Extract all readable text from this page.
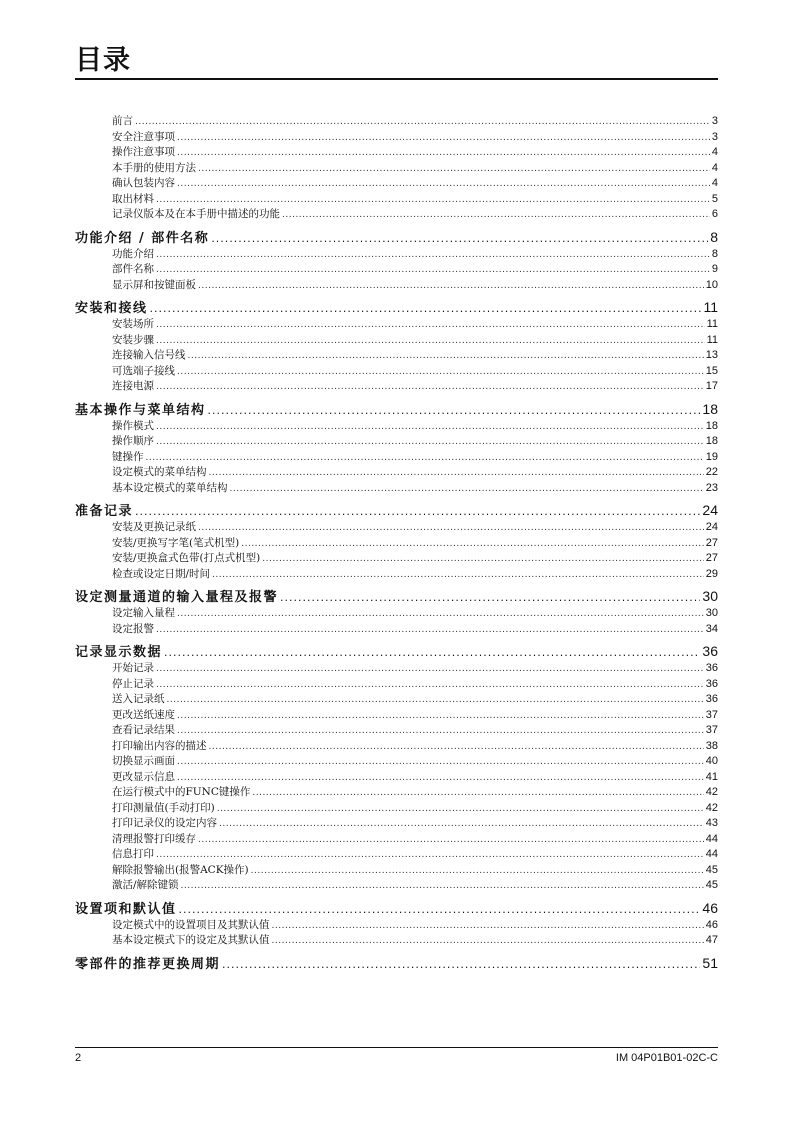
目录
前言 .....	3
安全注意事项 .....	3
操作注意事项 .....	4
本手册的使用方法 .....	4
确认包装内容 .....	4
取出材料 .....	5
记录仪版本及在本手册中描述的功能 .....	6
功能介绍 / 部件名称 .....	8
功能介绍 .....	8
部件名称 .....	9
显示屏和按键面板 .....	10
安装和接线 .....	11
安装场所 .....	11
安装步骤 .....	11
连接输入信号线 .....	13
可选端子接线 .....	15
连接电源 .....	17
基本操作与菜单结构 .....	18
操作模式 .....	18
操作顺序 .....	18
键操作 .....	19
设定模式的菜单结构 .....	22
基本设定模式的菜单结构 .....	23
准备记录 .....	24
安装及更换记录纸 .....	24
安装/更换写字笔(笔式机型) .....	27
安装/更换盒式色带(打点式机型) .....	27
检查或设定日期/时间 .....	29
设定测量通道的输入量程及报警 .....	30
设定输入量程 .....	30
设定报警 .....	34
记录显示数据 .....	36
开始记录 .....	36
停止记录 .....	36
送入记录纸 .....	36
更改送纸速度 .....	37
查看记录结果 .....	37
打印输出内容的描述 .....	38
切换显示画面 .....	40
更改显示信息 .....	41
在运行模式中的FUNC键操作 .....	42
打印测量值(手动打印) .....	42
打印记录仪的设定内容 .....	43
清理报警打印缓存 .....	44
信息打印 .....	44
解除报警输出(报警ACK操作) .....	45
激活/解除键锁 .....	45
设置项和默认值 .....	46
设定模式中的设置项目及其默认值 .....	46
基本设定模式下的设定及其默认值 .....	47
零部件的推荐更换周期 .....	51
2	IM 04P01B01-02C-C
